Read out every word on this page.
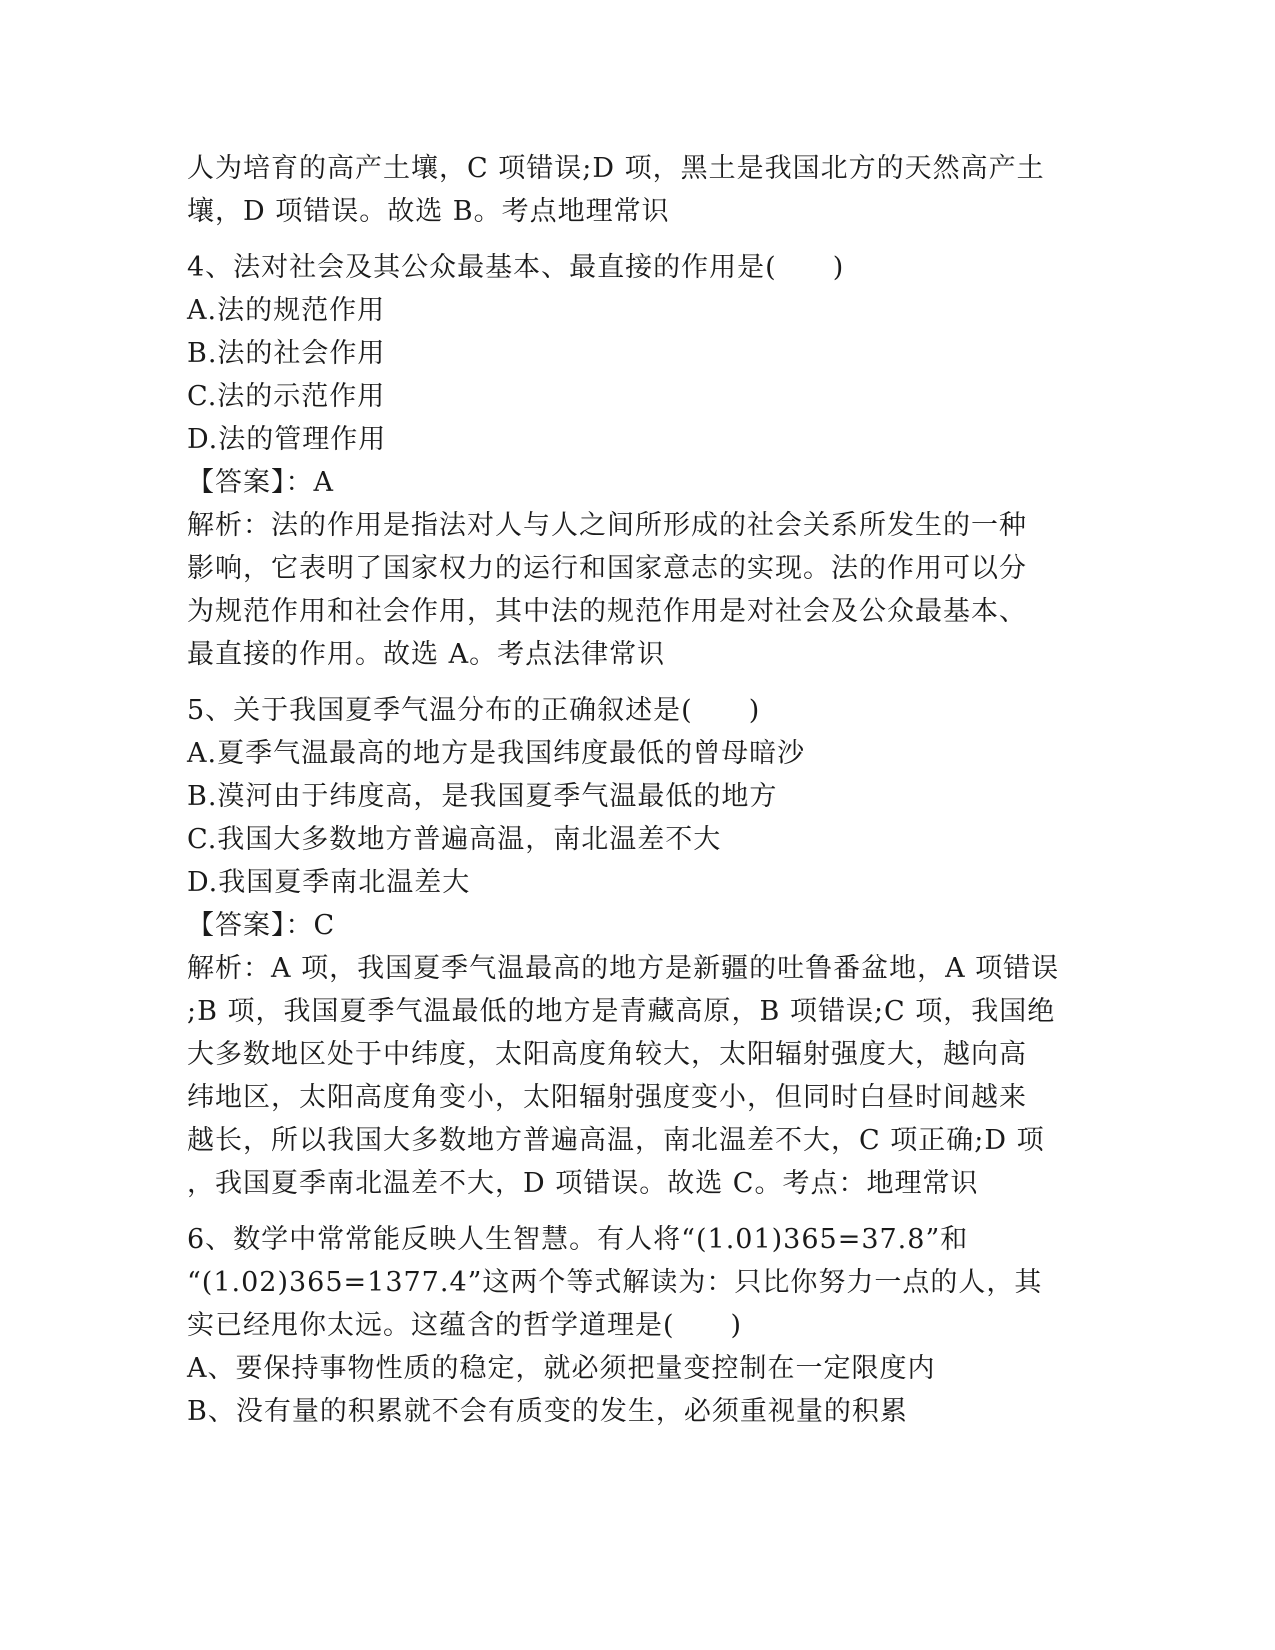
人为培育的高产土壤，C 项错误;D 项，黑土是我国北方的天然高产土
壤，D 项错误。故选 B。考点地理常识
4、法对社会及其公众最基本、最直接的作用是(　　)
A.法的规范作用
B.法的社会作用
C.法的示范作用
D.法的管理作用
【答案】：A
解析：法的作用是指法对人与人之间所形成的社会关系所发生的一种
影响，它表明了国家权力的运行和国家意志的实现。法的作用可以分
为规范作用和社会作用，其中法的规范作用是对社会及公众最基本、
最直接的作用。故选 A。考点法律常识
5、关于我国夏季气温分布的正确叙述是(　　)
A.夏季气温最高的地方是我国纬度最低的曾母暗沙
B.漠河由于纬度高，是我国夏季气温最低的地方
C.我国大多数地方普遍高温，南北温差不大
D.我国夏季南北温差大
【答案】：C
解析：A 项，我国夏季气温最高的地方是新疆的吐鲁番盆地，A 项错误
;B 项，我国夏季气温最低的地方是青藏高原，B 项错误;C 项，我国绝
大多数地区处于中纬度，太阳高度角较大，太阳辐射强度大，越向高
纬地区，太阳高度角变小，太阳辐射强度变小，但同时白昼时间越来
越长，所以我国大多数地方普遍高温，南北温差不大，C 项正确;D 项
，我国夏季南北温差不大，D 项错误。故选 C。考点：地理常识
6、数学中常常能反映人生智慧。有人将“(1.01)365=37.8”和
“(1.02)365=1377.4”这两个等式解读为：只比你努力一点的人，其
实已经甩你太远。这蕴含的哲学道理是(　　)
A、要保持事物性质的稳定，就必须把量变控制在一定限度内
B、没有量的积累就不会有质变的发生，必须重视量的积累
